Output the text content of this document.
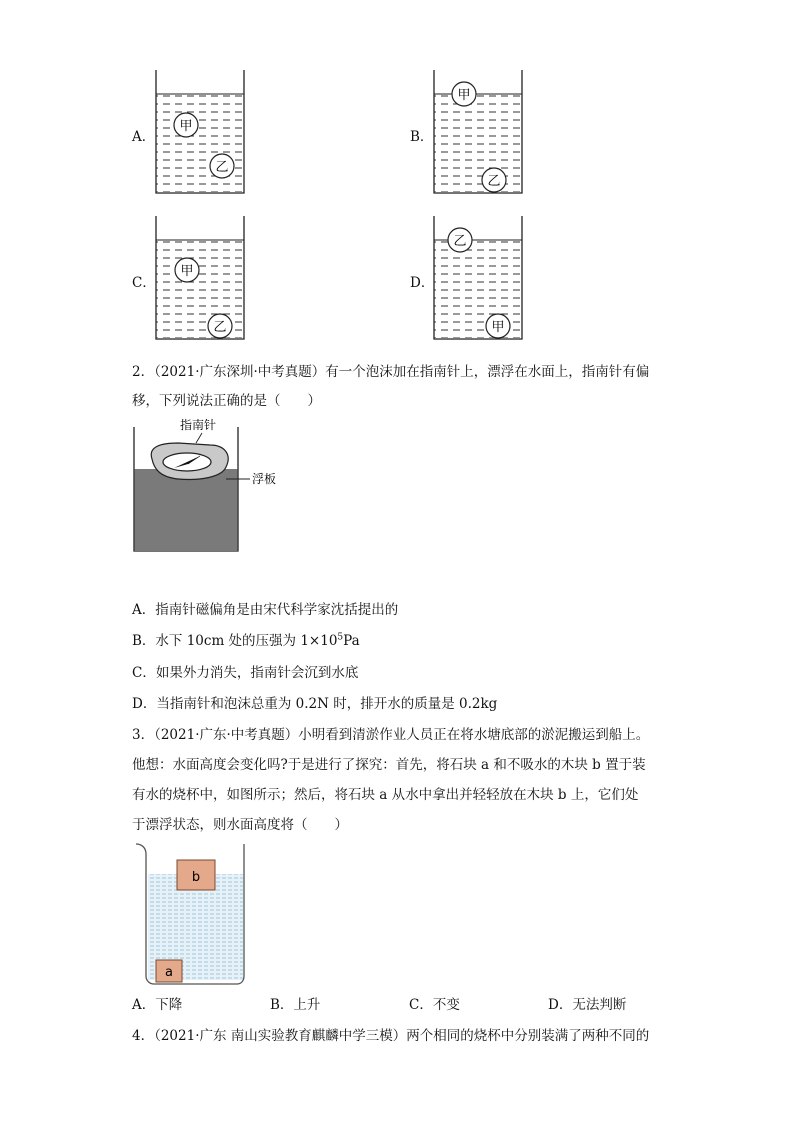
A．
甲
乙
B．
甲
乙
C．
甲
乙
D．
乙
甲
2．（2021·广东深圳·中考真题）有一个泡沫加在指南针上，漂浮在水面上，指南针有偏
移，下列说法正确的是（　　）
指南针
浮板
A．指南针磁偏角是由宋代科学家沈括提出的
B．水下 10cm 处的压强为 $1\times 10^5Pa$
C．如果外力消失，指南针会沉到水底
D．当指南针和泡沫总重为 0.2N 时，排开水的质量是 0.2kg
3．（2021·广东·中考真题）小明看到清淤作业人员正在将水塘底部的淤泥搬运到船上。
他想：水面高度会变化吗?于是进行了探究：首先，将石块 a 和不吸水的木块 b 置于装
有水的烧杯中，如图所示；然后，将石块 a 从水中拿出并轻轻放在木块 b 上，它们处
于漂浮状态，则水面高度将（　　）
b
a
A．下降	B．上升	C．不变	D．无法判断
4．（2021·广东 南山实验教育麒麟中学三模）两个相同的烧杯中分别装满了两种不同的
